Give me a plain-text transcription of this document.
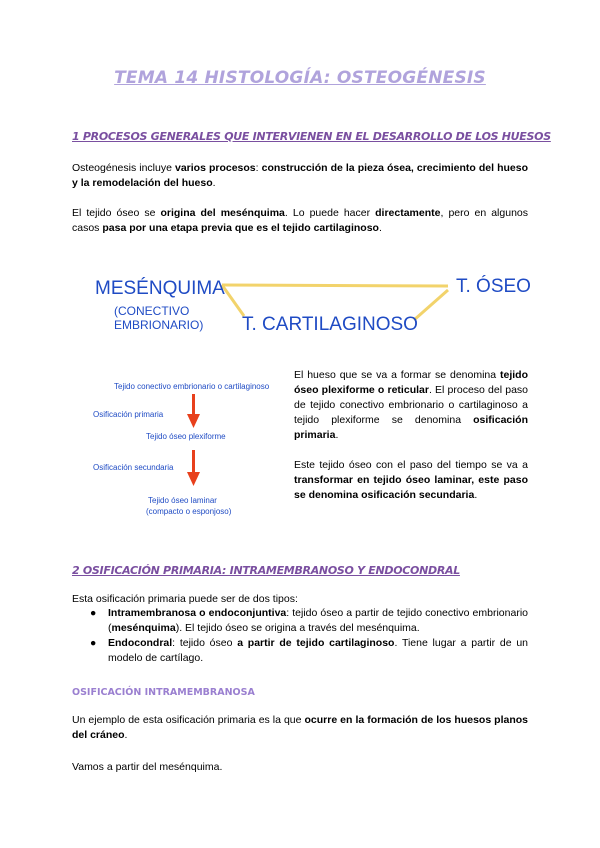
TEMA 14 HISTOLOGÍA: OSTEOGÉNESIS
1 PROCESOS GENERALES QUE INTERVIENEN EN EL DESARROLLO DE LOS HUESOS
Osteogénesis incluye varios procesos: construcción de la pieza ósea, crecimiento del hueso y la remodelación del hueso.
El tejido óseo se origina del mesénquima. Lo puede hacer directamente, pero en algunos casos pasa por una etapa previa que es el tejido cartilaginoso.
MESÉNQUIMA
(CONECTIVO
EMBRIONARIO) T. CARTILAGINOSO
T. ÓSEO
Tejido conectivo embrionario o cartilaginoso
Osificación primaria
Tejido óseo plexiforme
Osificación secundaria
Tejido óseo laminar
(compacto o esponjoso)
El hueso que se va a formar se denomina tejido óseo plexiforme o reticular. El proceso del paso de tejido conectivo embrionario o cartilaginoso a tejido plexiforme se denomina osificación primaria.
Este tejido óseo con el paso del tiempo se va a transformar en tejido óseo laminar, este paso se denomina osificación secundaria.
2 OSIFICACIÓN PRIMARIA: INTRAMEMBRANOSO Y ENDOCONDRAL
Esta osificación primaria puede ser de dos tipos:
● Intramembranosa o endoconjuntiva: tejido óseo a partir de tejido conectivo embrionario (mesénquima). El tejido óseo se origina a través del mesénquima.
● Endocondral: tejido óseo a partir de tejido cartilaginoso. Tiene lugar a partir de un modelo de cartílago.
OSIFICACIÓN INTRAMEMBRANOSA
Un ejemplo de esta osificación primaria es la que ocurre en la formación de los huesos planos del cráneo.
Vamos a partir del mesénquima.
